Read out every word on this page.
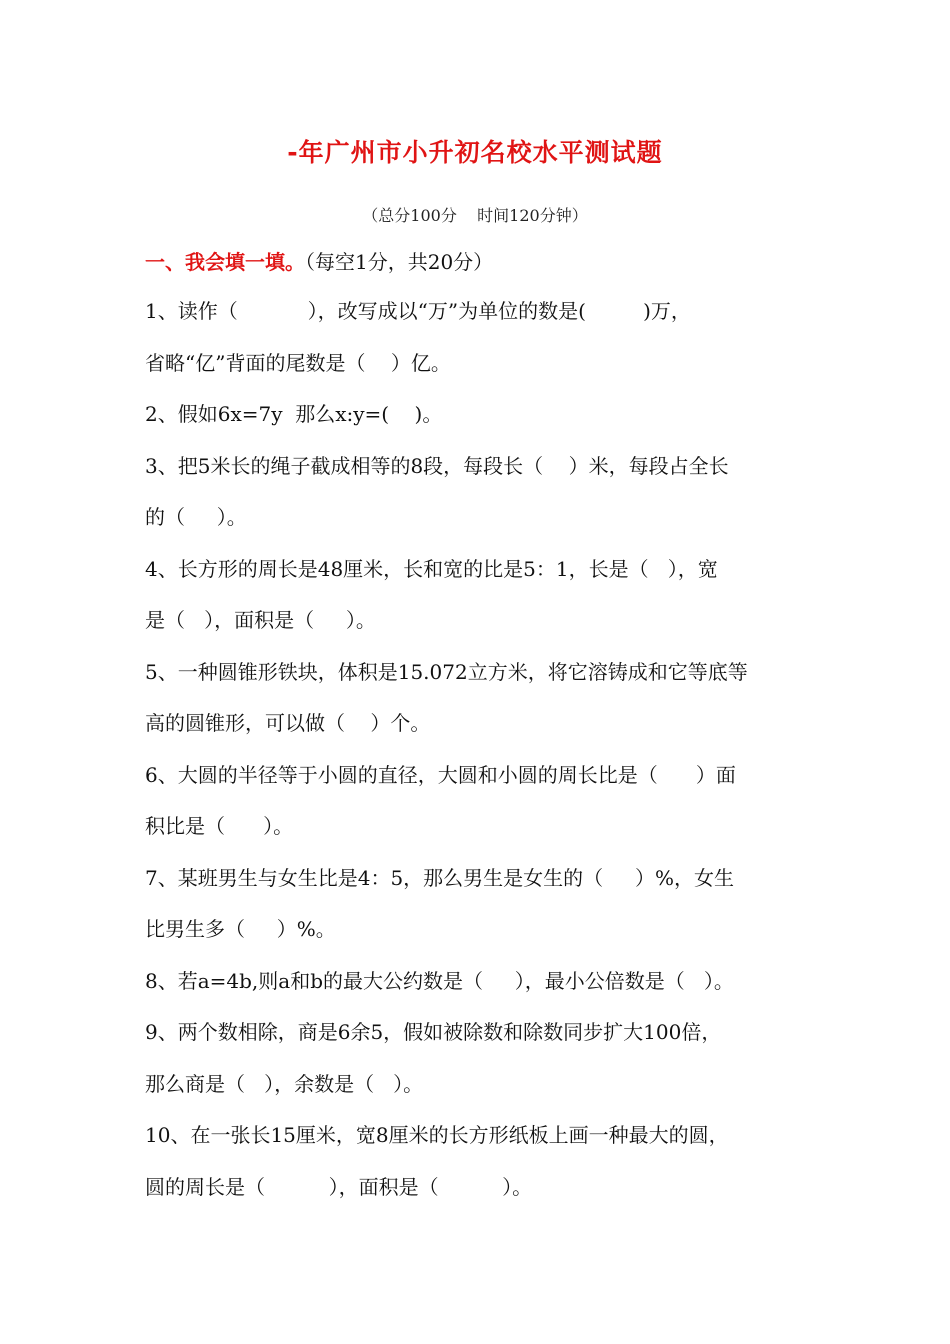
-年广州市小升初名校水平测试题
（总分100分    时间120分钟）
一、我会填一填。（每空1分，共20分）
1、读作（           ），改写成以“万”为单位的数是(         )万，
省略“亿”背面的尾数是（    ）亿。
2、假如6x=7y  那么x:y=(    )。
3、把5米长的绳子截成相等的8段，每段长（    ）米，每段占全长
的（     ）。
4、长方形的周长是48厘米，长和宽的比是5：1，长是（   ），宽
是（   ），面积是（     ）。
5、一种圆锥形铁块，体积是15.072立方米，将它溶铸成和它等底等
高的圆锥形，可以做（    ）个。
6、大圆的半径等于小圆的直径，大圆和小圆的周长比是（      ）面
积比是（      ）。
7、某班男生与女生比是4：5，那么男生是女生的（     ）%，女生
比男生多（     ）%。
8、若a=4b,则a和b的最大公约数是（     ），最小公倍数是（   ）。
9、两个数相除，商是6余5，假如被除数和除数同步扩大100倍，
那么商是（   ），余数是（   ）。
10、在一张长15厘米，宽8厘米的长方形纸板上画一种最大的圆，
圆的周长是（          ），面积是（          ）。
